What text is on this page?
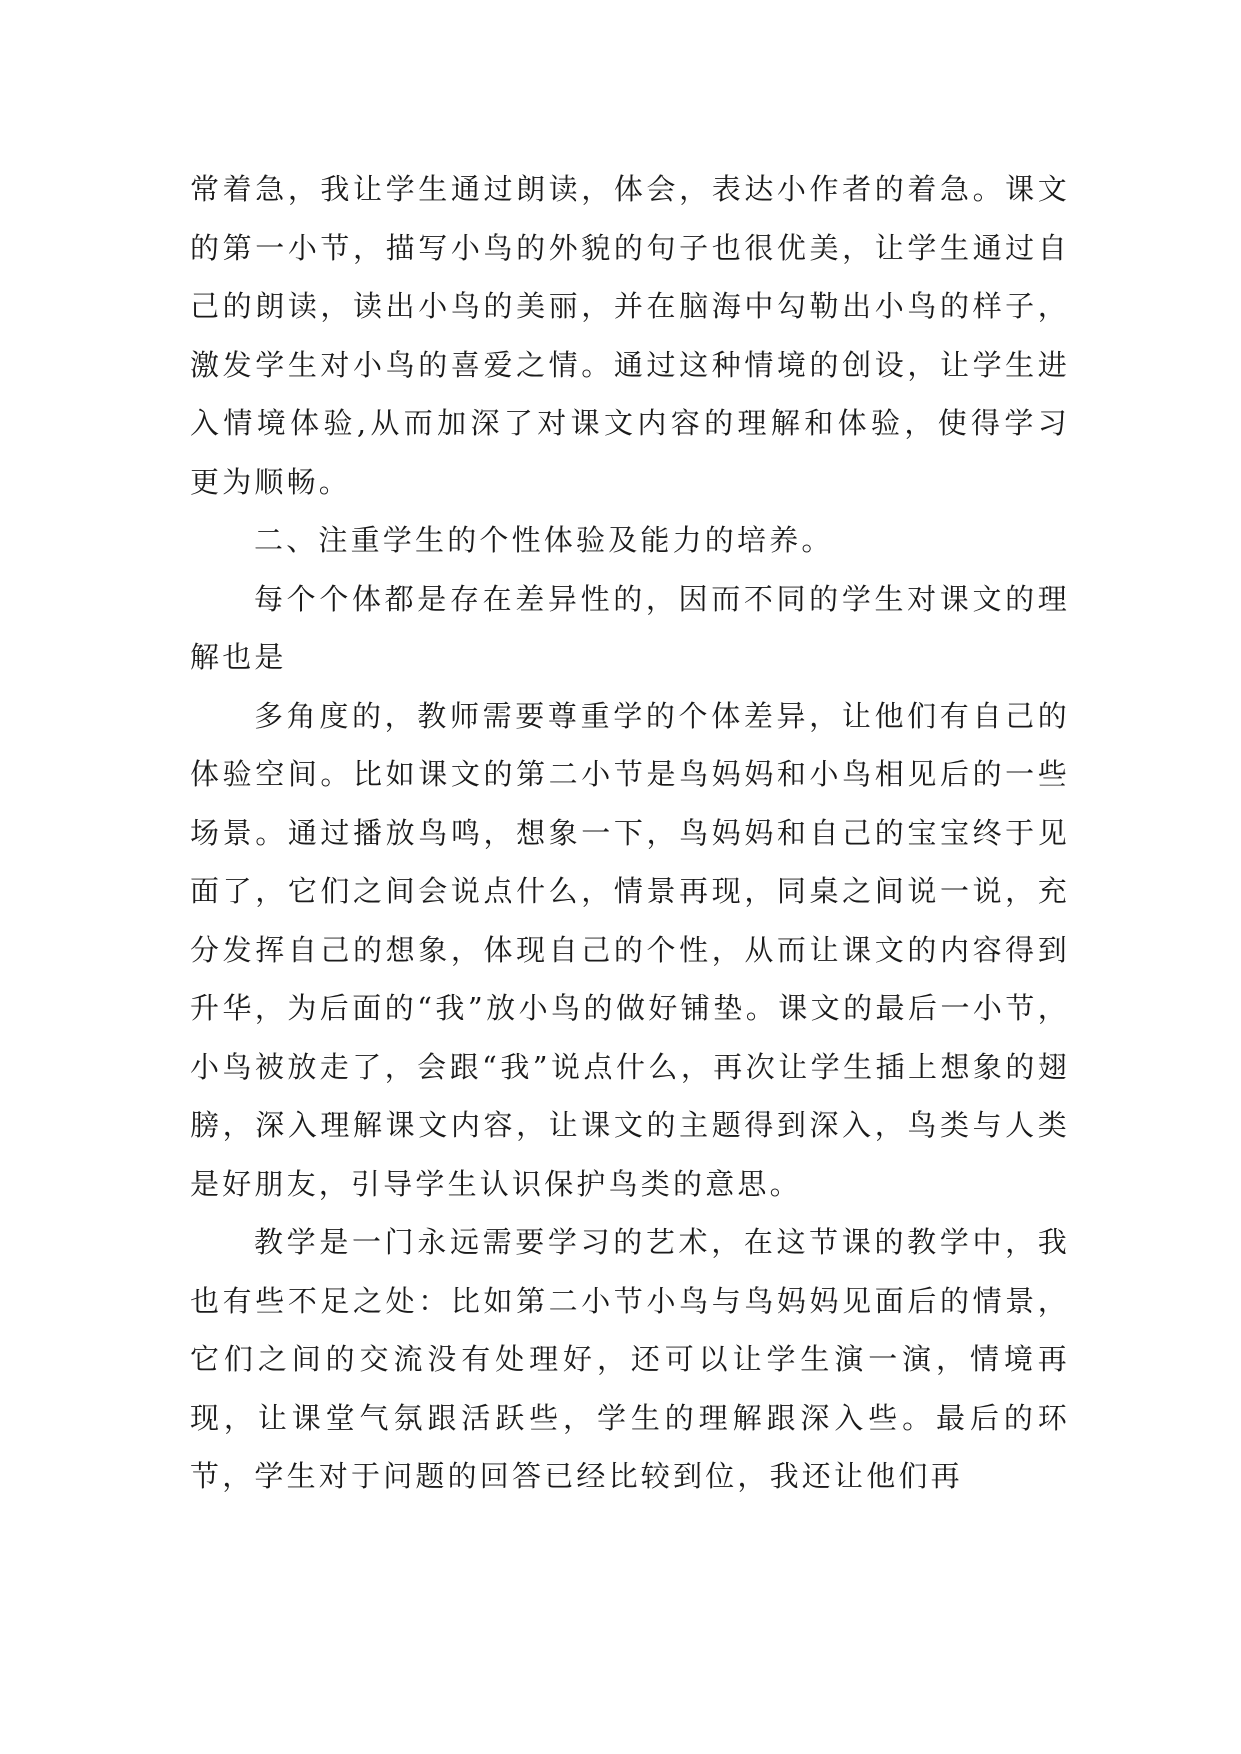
常着急，我让学生通过朗读，体会，表达小作者的着急。课文的第一小节，描写小鸟的外貌的句子也很优美，让学生通过自己的朗读，读出小鸟的美丽，并在脑海中勾勒出小鸟的样子，激发学生对小鸟的喜爱之情。通过这种情境的创设，让学生进入情境体验,从而加深了对课文内容的理解和体验，使得学习更为顺畅。

二、注重学生的个性体验及能力的培养。

每个个体都是存在差异性的，因而不同的学生对课文的理解也是

多角度的，教师需要尊重学的个体差异，让他们有自己的体验空间。比如课文的第二小节是鸟妈妈和小鸟相见后的一些场景。通过播放鸟鸣，想象一下，鸟妈妈和自己的宝宝终于见面了，它们之间会说点什么，情景再现，同桌之间说一说，充分发挥自己的想象，体现自己的个性，从而让课文的内容得到升华，为后面的“我”放小鸟的做好铺垫。课文的最后一小节，小鸟被放走了，会跟“我”说点什么，再次让学生插上想象的翅膀，深入理解课文内容，让课文的主题得到深入，鸟类与人类是好朋友，引导学生认识保护鸟类的意思。

教学是一门永远需要学习的艺术，在这节课的教学中，我也有些不足之处：比如第二小节小鸟与鸟妈妈见面后的情景，它们之间的交流没有处理好，还可以让学生演一演，情境再现，让课堂气氛跟活跃些，学生的理解跟深入些。最后的环节，学生对于问题的回答已经比较到位，我还让他们再
